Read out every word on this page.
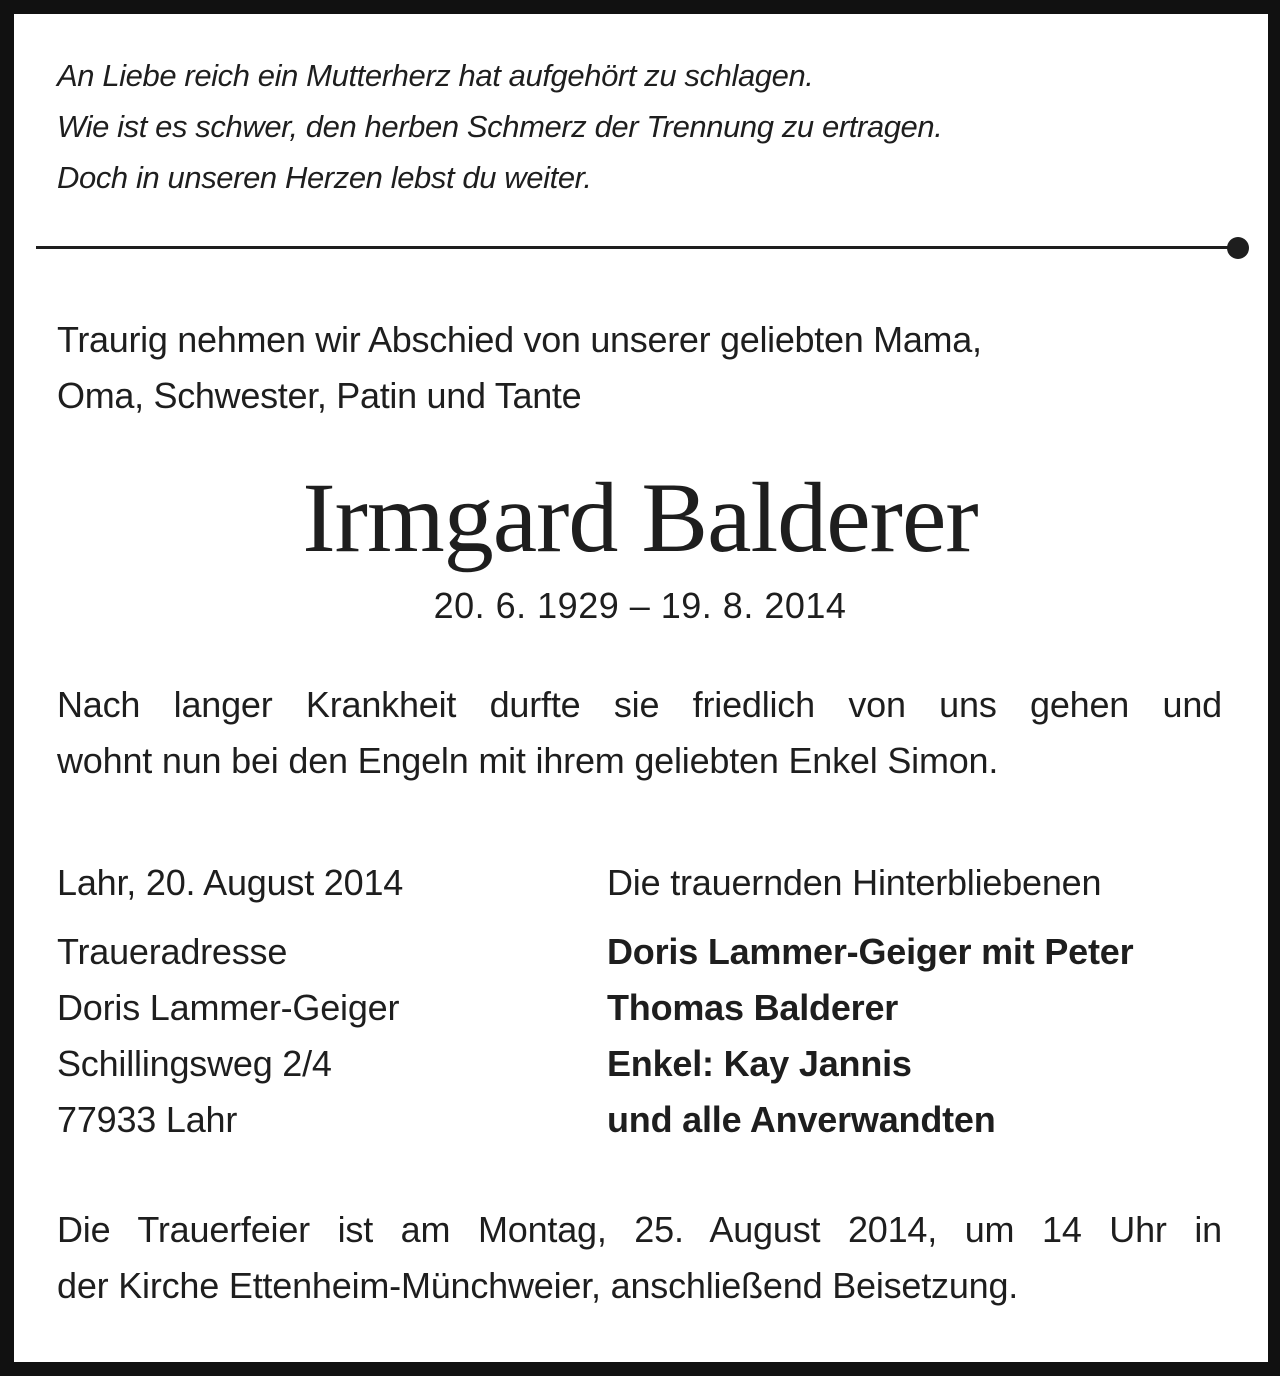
An Liebe reich ein Mutterherz hat aufgehört zu schlagen.
Wie ist es schwer, den herben Schmerz der Trennung zu ertragen.
Doch in unseren Herzen lebst du weiter.
Traurig nehmen wir Abschied von unserer geliebten Mama,
Oma, Schwester, Patin und Tante
Irmgard Balderer
20. 6. 1929 – 19. 8. 2014
Nach langer Krankheit durfte sie friedlich von uns gehen und
wohnt nun bei den Engeln mit ihrem geliebten Enkel Simon.
Lahr, 20. August 2014
Traueradresse
Doris Lammer-Geiger
Schillingsweg 2/4
77933 Lahr
Die trauernden Hinterbliebenen
Doris Lammer-Geiger mit Peter
Thomas Balderer
Enkel: Kay Jannis
und alle Anverwandten
Die Trauerfeier ist am Montag, 25. August 2014, um 14 Uhr in
der Kirche Ettenheim-Münchweier, anschließend Beisetzung.
